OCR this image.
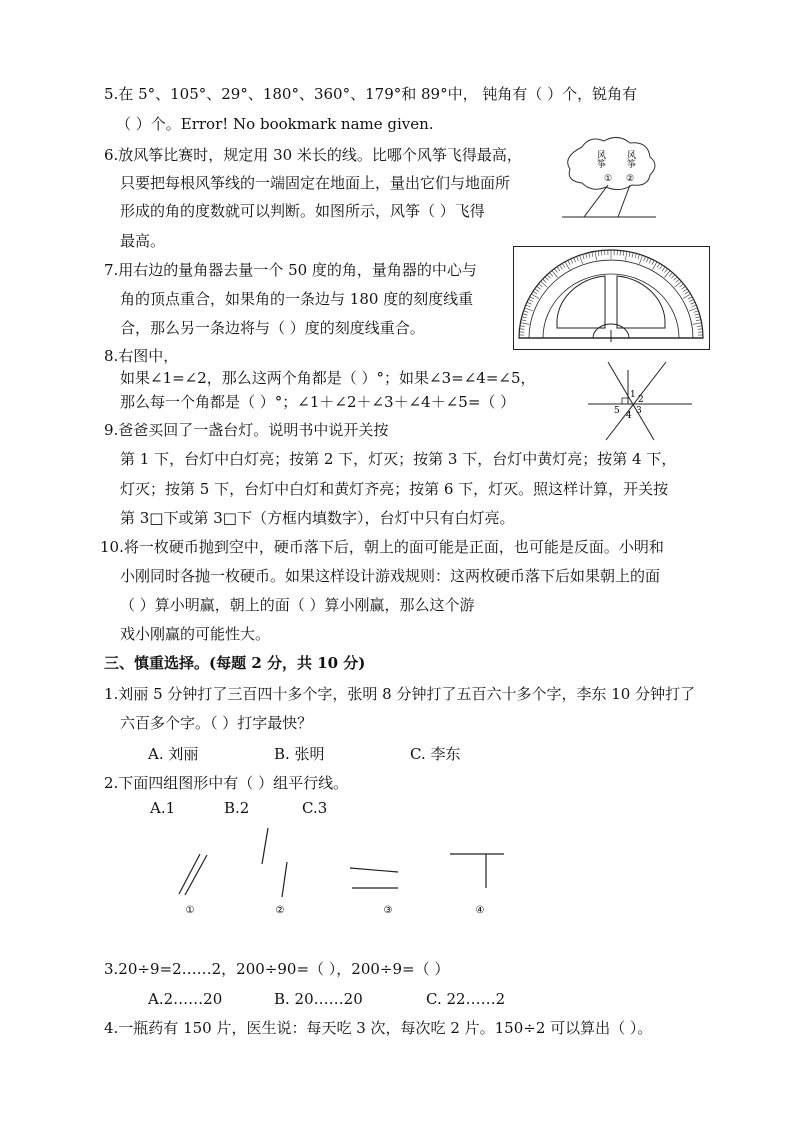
5.在 5°、105°、29°、180°、360°、179°和 89°中， 钝角有（ ）个，锐角有
（ ）个。Error! No bookmark name given.
6.放风筝比赛时，规定用 30 米长的线。比哪个风筝飞得最高，
只要把每根风筝线的一端固定在地面上，量出它们与地面所
形成的角的度数就可以判断。如图所示，风筝（ ）飞得
最高。
风筝
①
风筝
②
7.用右边的量角器去量一个 50 度的角，量角器的中心与
角的顶点重合，如果角的一条边与 180 度的刻度线重
合，那么另一条边将与（ ）度的刻度线重合。
8.右图中，
如果∠1=∠2，那么这两个角都是（ ）°；如果∠3=∠4=∠5，
那么每一个角都是（ ）°；∠1＋∠2＋∠3＋∠4＋∠5=（ ）	1 2
3
4
5
9.爸爸买回了一盏台灯。说明书中说开关按
第 1 下，台灯中白灯亮；按第 2 下，灯灭；按第 3 下，台灯中黄灯亮；按第 4 下，
灯灭；按第 5 下，台灯中白灯和黄灯齐亮；按第 6 下，灯灭。照这样计算，开关按
第 3□下或第 3□下（方框内填数字），台灯中只有白灯亮。
10.将一枚硬币抛到空中，硬币落下后，朝上的面可能是正面，也可能是反面。小明和
小刚同时各抛一枚硬币。如果这样设计游戏规则：这两枚硬币落下后如果朝上的面
（ ）算小明赢，朝上的面（ ）算小刚赢，那么这个游
戏小刚赢的可能性大。
三、慎重选择。(每题 2 分，共 10 分)
1.刘丽 5 分钟打了三百四十多个字，张明 8 分钟打了五百六十多个字，李东 10 分钟打了
六百多个字。（ ）打字最快？
A. 刘丽	B. 张明	C. 李东
2.下面四组图形中有（ ）组平行线。
A.1	B.2	C.3
①	②	③	④
3.20÷9=2……2，200÷90=（ ），200÷9=（ ）
A.2……20	B. 20……20	C. 22……2
4.一瓶药有 150 片，医生说：每天吃 3 次，每次吃 2 片。150÷2 可以算出（ ）。
